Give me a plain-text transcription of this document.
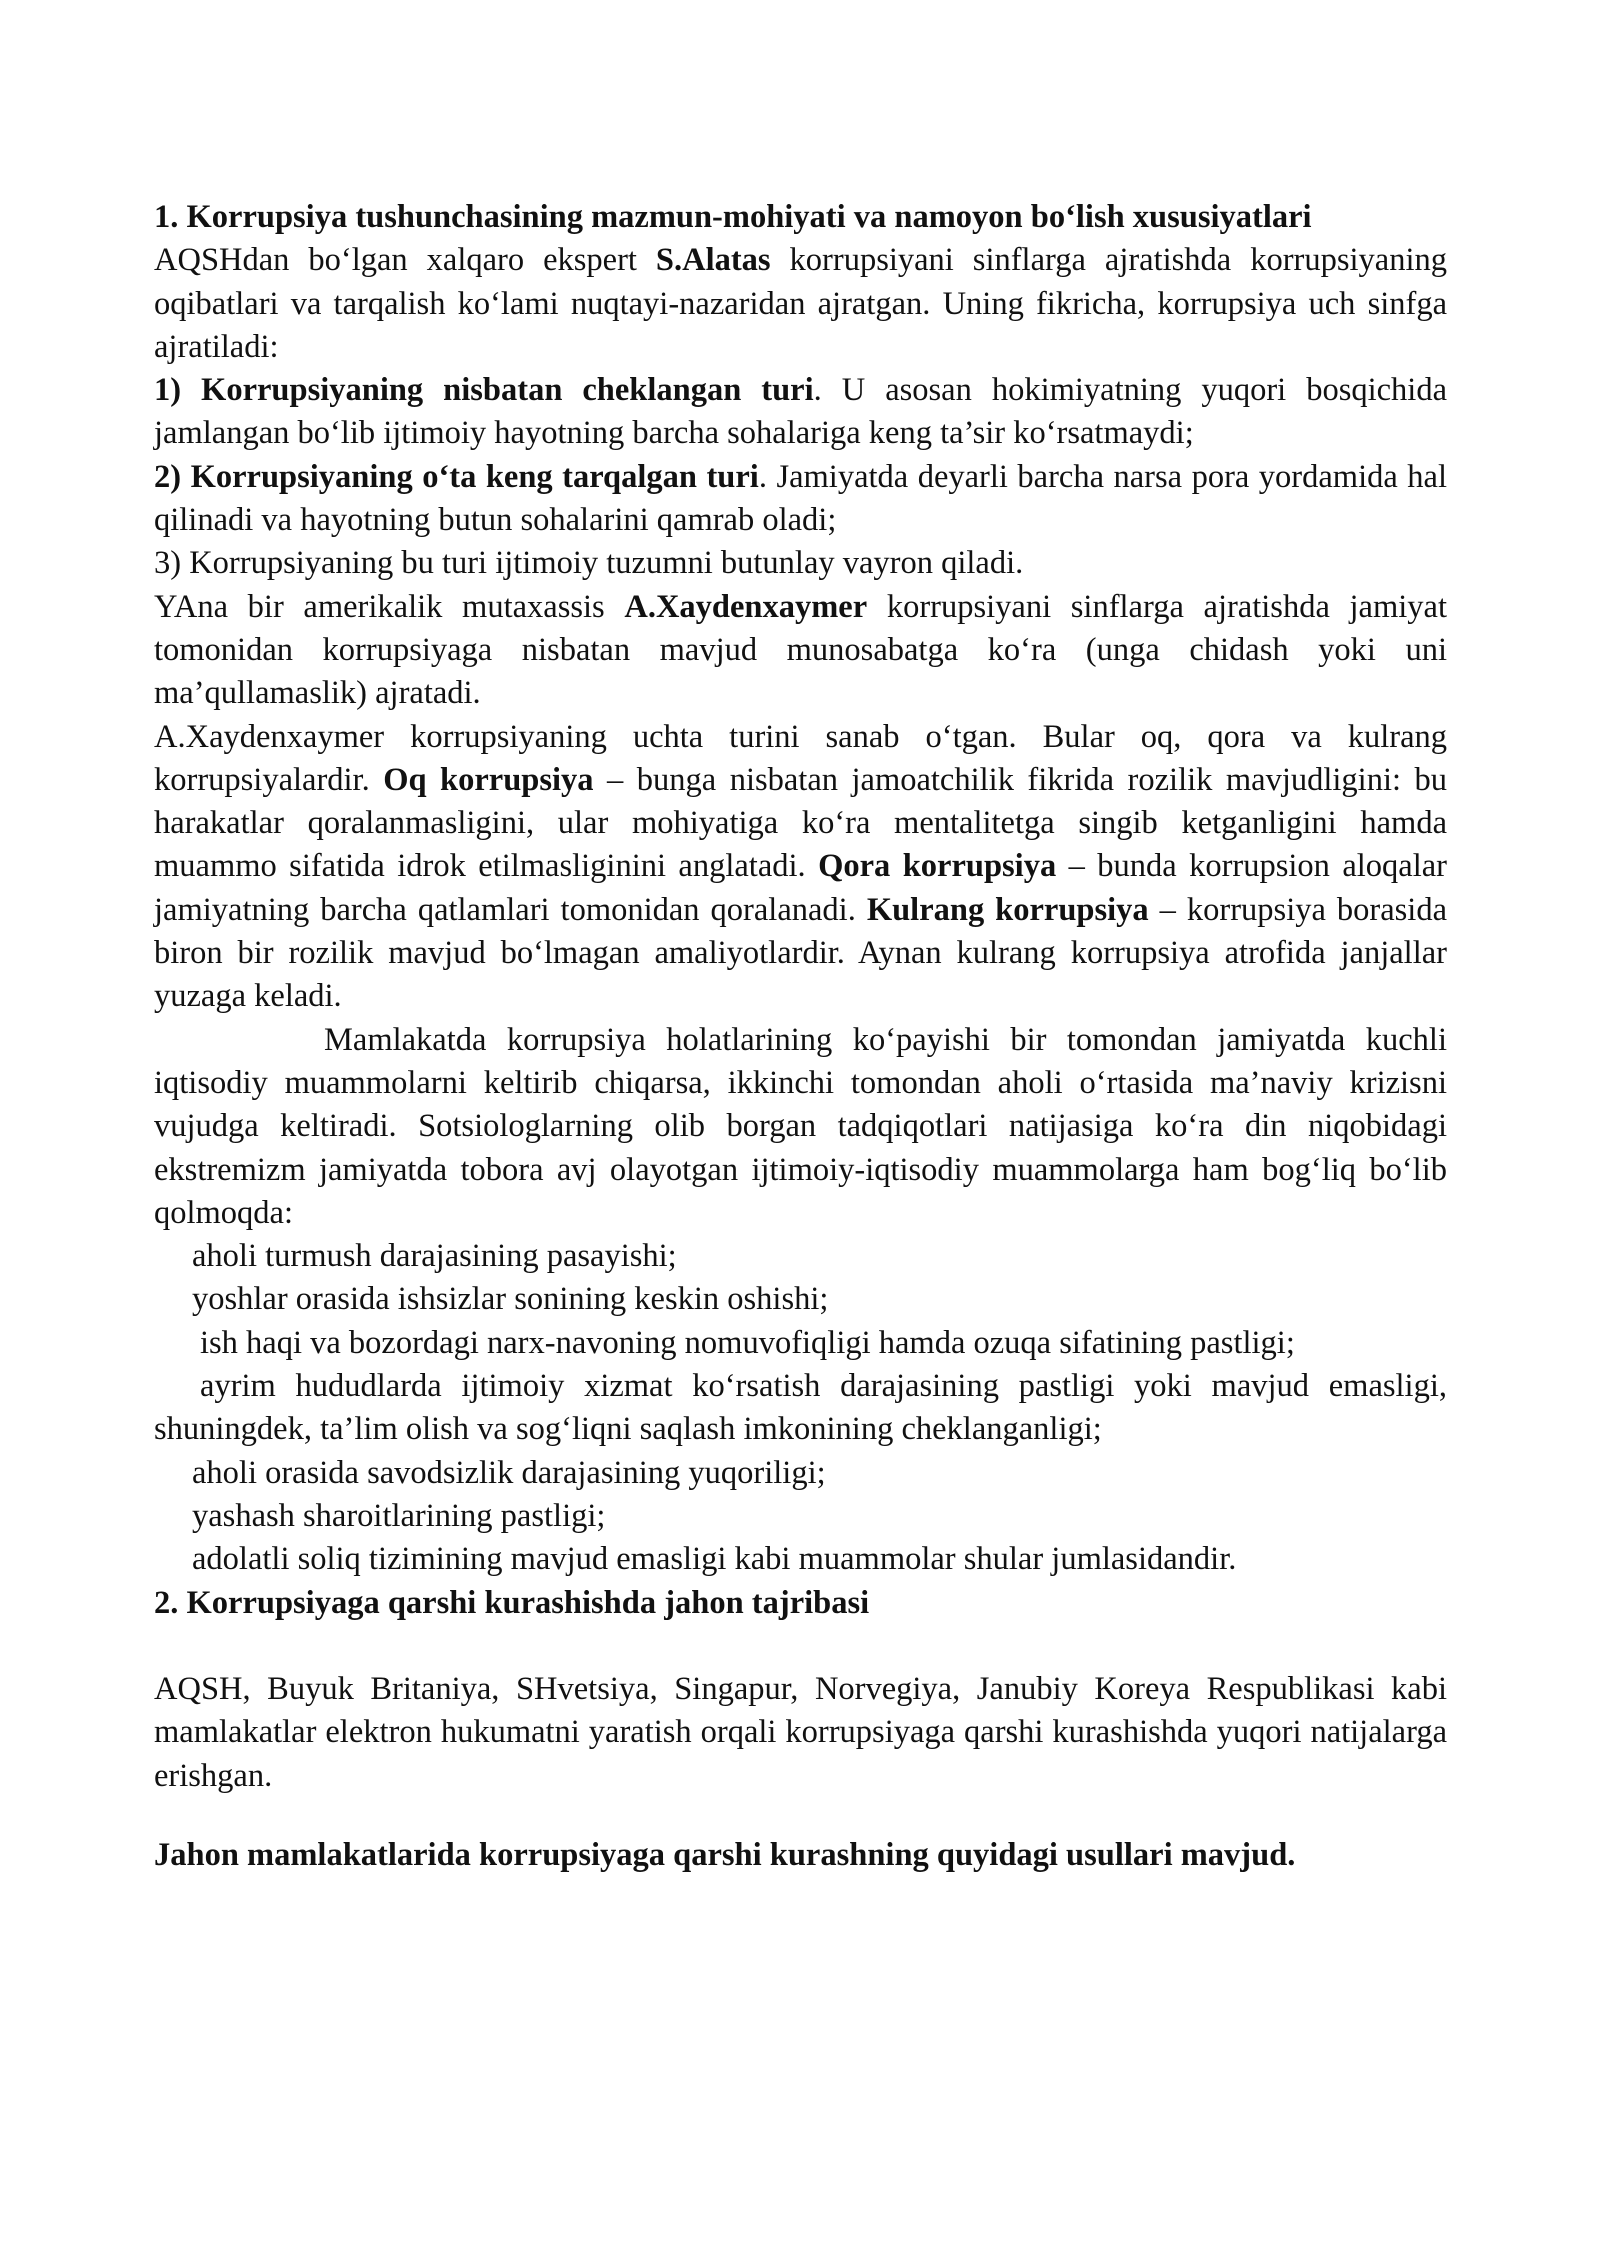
1. Korrupsiya tushunchasining mazmun-mohiyati va namoyon bo‘lish xususiyatlari

AQSHdan bo‘lgan xalqaro ekspert S.Alatas korrupsiyani sinflarga ajratishda korrupsiyaning oqibatlari va tarqalish ko‘lami nuqtayi-nazaridan ajratgan. Uning fikricha, korrupsiya uch sinfga ajratiladi:

1) Korrupsiyaning nisbatan cheklangan turi. U asosan hokimiyatning yuqori bosqichida jamlangan bo‘lib ijtimoiy hayotning barcha sohalariga keng ta’sir ko‘rsatmaydi;

2) Korrupsiyaning o‘ta keng tarqalgan turi. Jamiyatda deyarli barcha narsa pora yordamida hal qilinadi va hayotning butun sohalarini qamrab oladi;

3) Korrupsiyaning bu turi ijtimoiy tuzumni butunlay vayron qiladi.

YAna bir amerikalik mutaxassis A.Xaydenxaymer korrupsiyani sinflarga ajratishda jamiyat tomonidan korrupsiyaga nisbatan mavjud munosabatga ko‘ra (unga chidash yoki uni ma’qullamaslik) ajratadi.

A.Xaydenxaymer korrupsiyaning uchta turini sanab o‘tgan. Bular oq, qora va kulrang korrupsiyalardir. Oq korrupsiya – bunga nisbatan jamoatchilik fikrida rozilik mavjudligini: bu harakatlar qoralanmasligini, ular mohiyatiga ko‘ra mentalitetga singib ketganligini hamda muammo sifatida idrok etilmasliginini anglatadi. Qora korrupsiya – bunda korrupsion aloqalar jamiyatning barcha qatlamlari tomonidan qoralanadi. Kulrang korrupsiya – korrupsiya borasida biron bir rozilik mavjud bo‘lmagan amaliyotlardir. Aynan kulrang korrupsiya atrofida janjallar yuzaga keladi.

Mamlakatda korrupsiya holatlarining ko‘payishi bir tomondan jamiyatda kuchli iqtisodiy muammolarni keltirib chiqarsa, ikkinchi tomondan aholi o‘rtasida ma’naviy krizisni vujudga keltiradi. Sotsiologlarning olib borgan tadqiqotlari natijasiga ko‘ra din niqobidagi ekstremizm jamiyatda tobora avj olayotgan ijtimoiy-iqtisodiy muammolarga ham bog‘liq bo‘lib qolmoqda:

aholi turmush darajasining pasayishi;

yoshlar orasida ishsizlar sonining keskin oshishi;

ish haqi va bozordagi narx-navoning nomuvofiqligi hamda ozuqa sifatining pastligi;

ayrim hududlarda ijtimoiy xizmat ko‘rsatish darajasining pastligi yoki mavjud emasligi, shuningdek, ta’lim olish va sog‘liqni saqlash imkonining cheklanganligi;

aholi orasida savodsizlik darajasining yuqoriligi;

yashash sharoitlarining pastligi;

adolatli soliq tizimining mavjud emasligi kabi muammolar shular jumlasidandir.

2. Korrupsiyaga qarshi kurashishda jahon tajribasi

AQSH, Buyuk Britaniya, SHvetsiya, Singapur, Norvegiya, Janubiy Koreya Respublikasi kabi mamlakatlar elektron hukumatni yaratish orqali korrupsiyaga qarshi kurashishda yuqori natijalarga erishgan.

Jahon mamlakatlarida korrupsiyaga qarshi kurashning quyidagi usullari mavjud.
